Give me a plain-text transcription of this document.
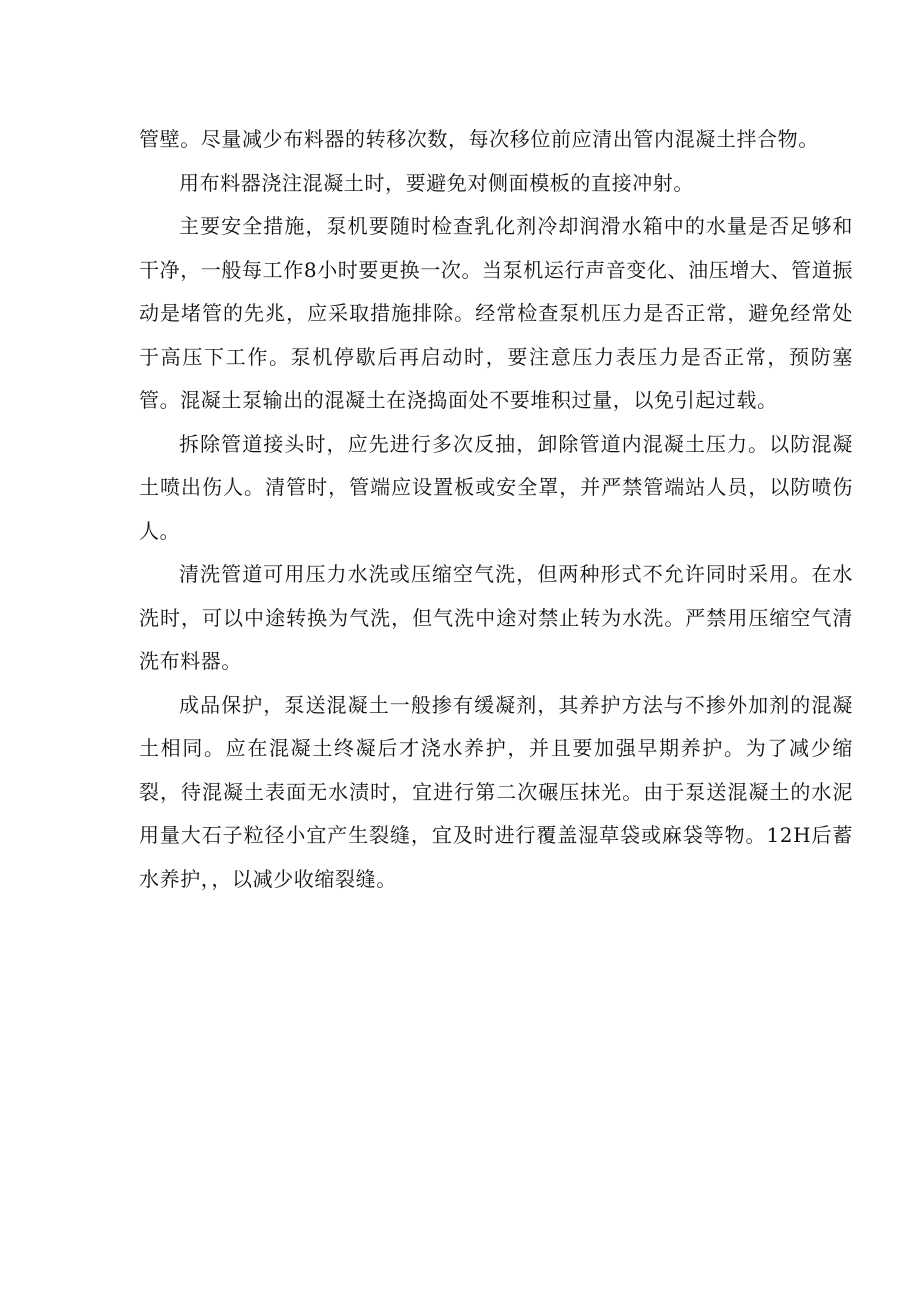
管壁。尽量减少布料器的转移次数，每次移位前应清出管内混凝土拌合物。

用布料器浇注混凝土时，要避免对侧面模板的直接冲射。

主要安全措施，泵机要随时检查乳化剂冷却润滑水箱中的水量是否足够和干净，一般每工作8小时要更换一次。当泵机运行声音变化、油压增大、管道振动是堵管的先兆，应采取措施排除。经常检查泵机压力是否正常，避免经常处于高压下工作。泵机停歇后再启动时，要注意压力表压力是否正常，预防塞管。混凝土泵输出的混凝土在浇捣面处不要堆积过量，以免引起过载。

拆除管道接头时，应先进行多次反抽，卸除管道内混凝土压力。以防混凝土喷出伤人。清管时，管端应设置板或安全罩，并严禁管端站人员，以防喷伤人。

清洗管道可用压力水洗或压缩空气洗，但两种形式不允许同时采用。在水洗时，可以中途转换为气洗，但气洗中途对禁止转为水洗。严禁用压缩空气清洗布料器。

成品保护，泵送混凝土一般掺有缓凝剂，其养护方法与不掺外加剂的混凝土相同。应在混凝土终凝后才浇水养护，并且要加强早期养护。为了减少缩裂，待混凝土表面无水渍时，宜进行第二次碾压抹光。由于泵送混凝土的水泥用量大石子粒径小宜产生裂缝，宜及时进行覆盖湿草袋或麻袋等物。12H后蓄水养护，，以减少收缩裂缝。
